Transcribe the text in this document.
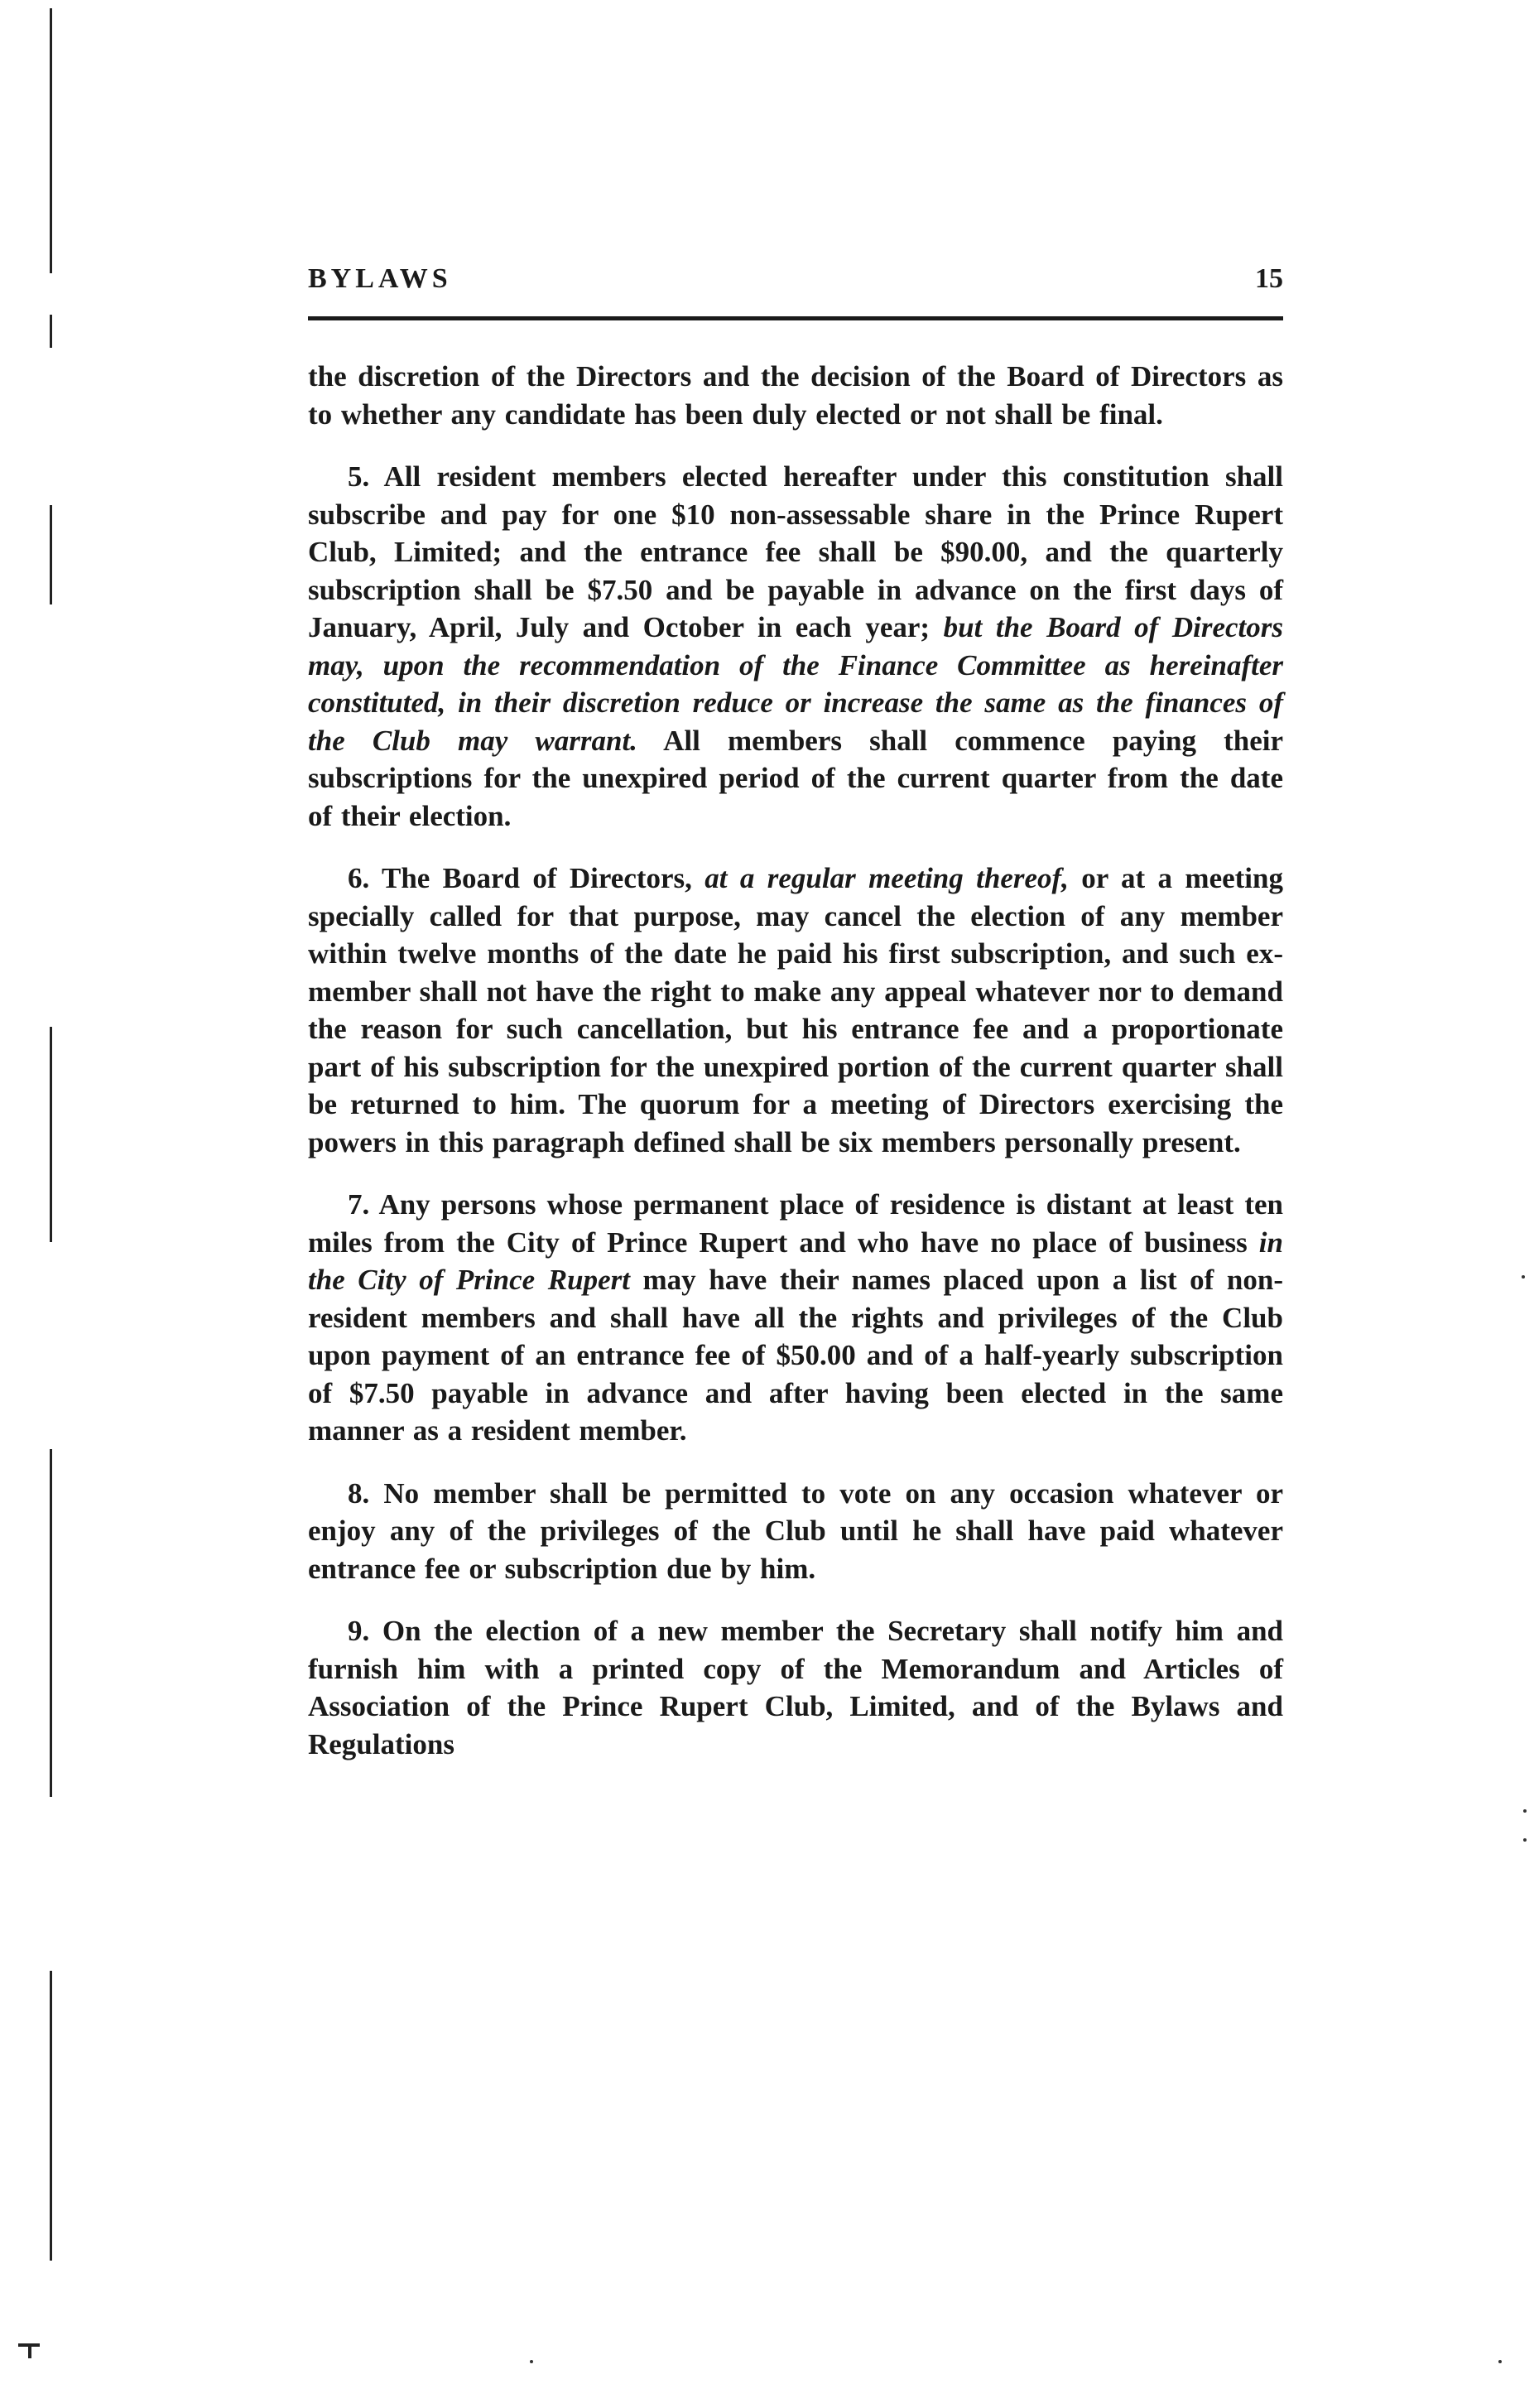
BYLAWS	15

the discretion of the Directors and the decision of the Board of Directors as to whether any candidate has been duly elected or not shall be final.

5. All resident members elected hereafter under this constitution shall subscribe and pay for one $10 non-assessable share in the Prince Rupert Club, Limited; and the entrance fee shall be $90.00, and the quarterly subscription shall be $7.50 and be payable in advance on the first days of January, April, July and October in each year; but the Board of Directors may, upon the recommendation of the Finance Committee as hereinafter constituted, in their discretion reduce or increase the same as the finances of the Club may warrant. All members shall commence paying their subscriptions for the unexpired period of the current quarter from the date of their election.

6. The Board of Directors, at a regular meeting thereof, or at a meeting specially called for that purpose, may cancel the election of any member within twelve months of the date he paid his first subscription, and such ex-member shall not have the right to make any appeal whatever nor to demand the reason for such cancellation, but his entrance fee and a proportionate part of his subscription for the unexpired portion of the current quarter shall be returned to him. The quorum for a meeting of Directors exercising the powers in this paragraph defined shall be six members personally present.

7. Any persons whose permanent place of residence is distant at least ten miles from the City of Prince Rupert and who have no place of business in the City of Prince Rupert may have their names placed upon a list of non-resident members and shall have all the rights and privileges of the Club upon payment of an entrance fee of $50.00 and of a half-yearly subscription of $7.50 payable in advance and after having been elected in the same manner as a resident member.

8. No member shall be permitted to vote on any occasion whatever or enjoy any of the privileges of the Club until he shall have paid whatever entrance fee or subscription due by him.

9. On the election of a new member the Secretary shall notify him and furnish him with a printed copy of the Memorandum and Articles of Association of the Prince Rupert Club, Limited, and of the Bylaws and Regulations
